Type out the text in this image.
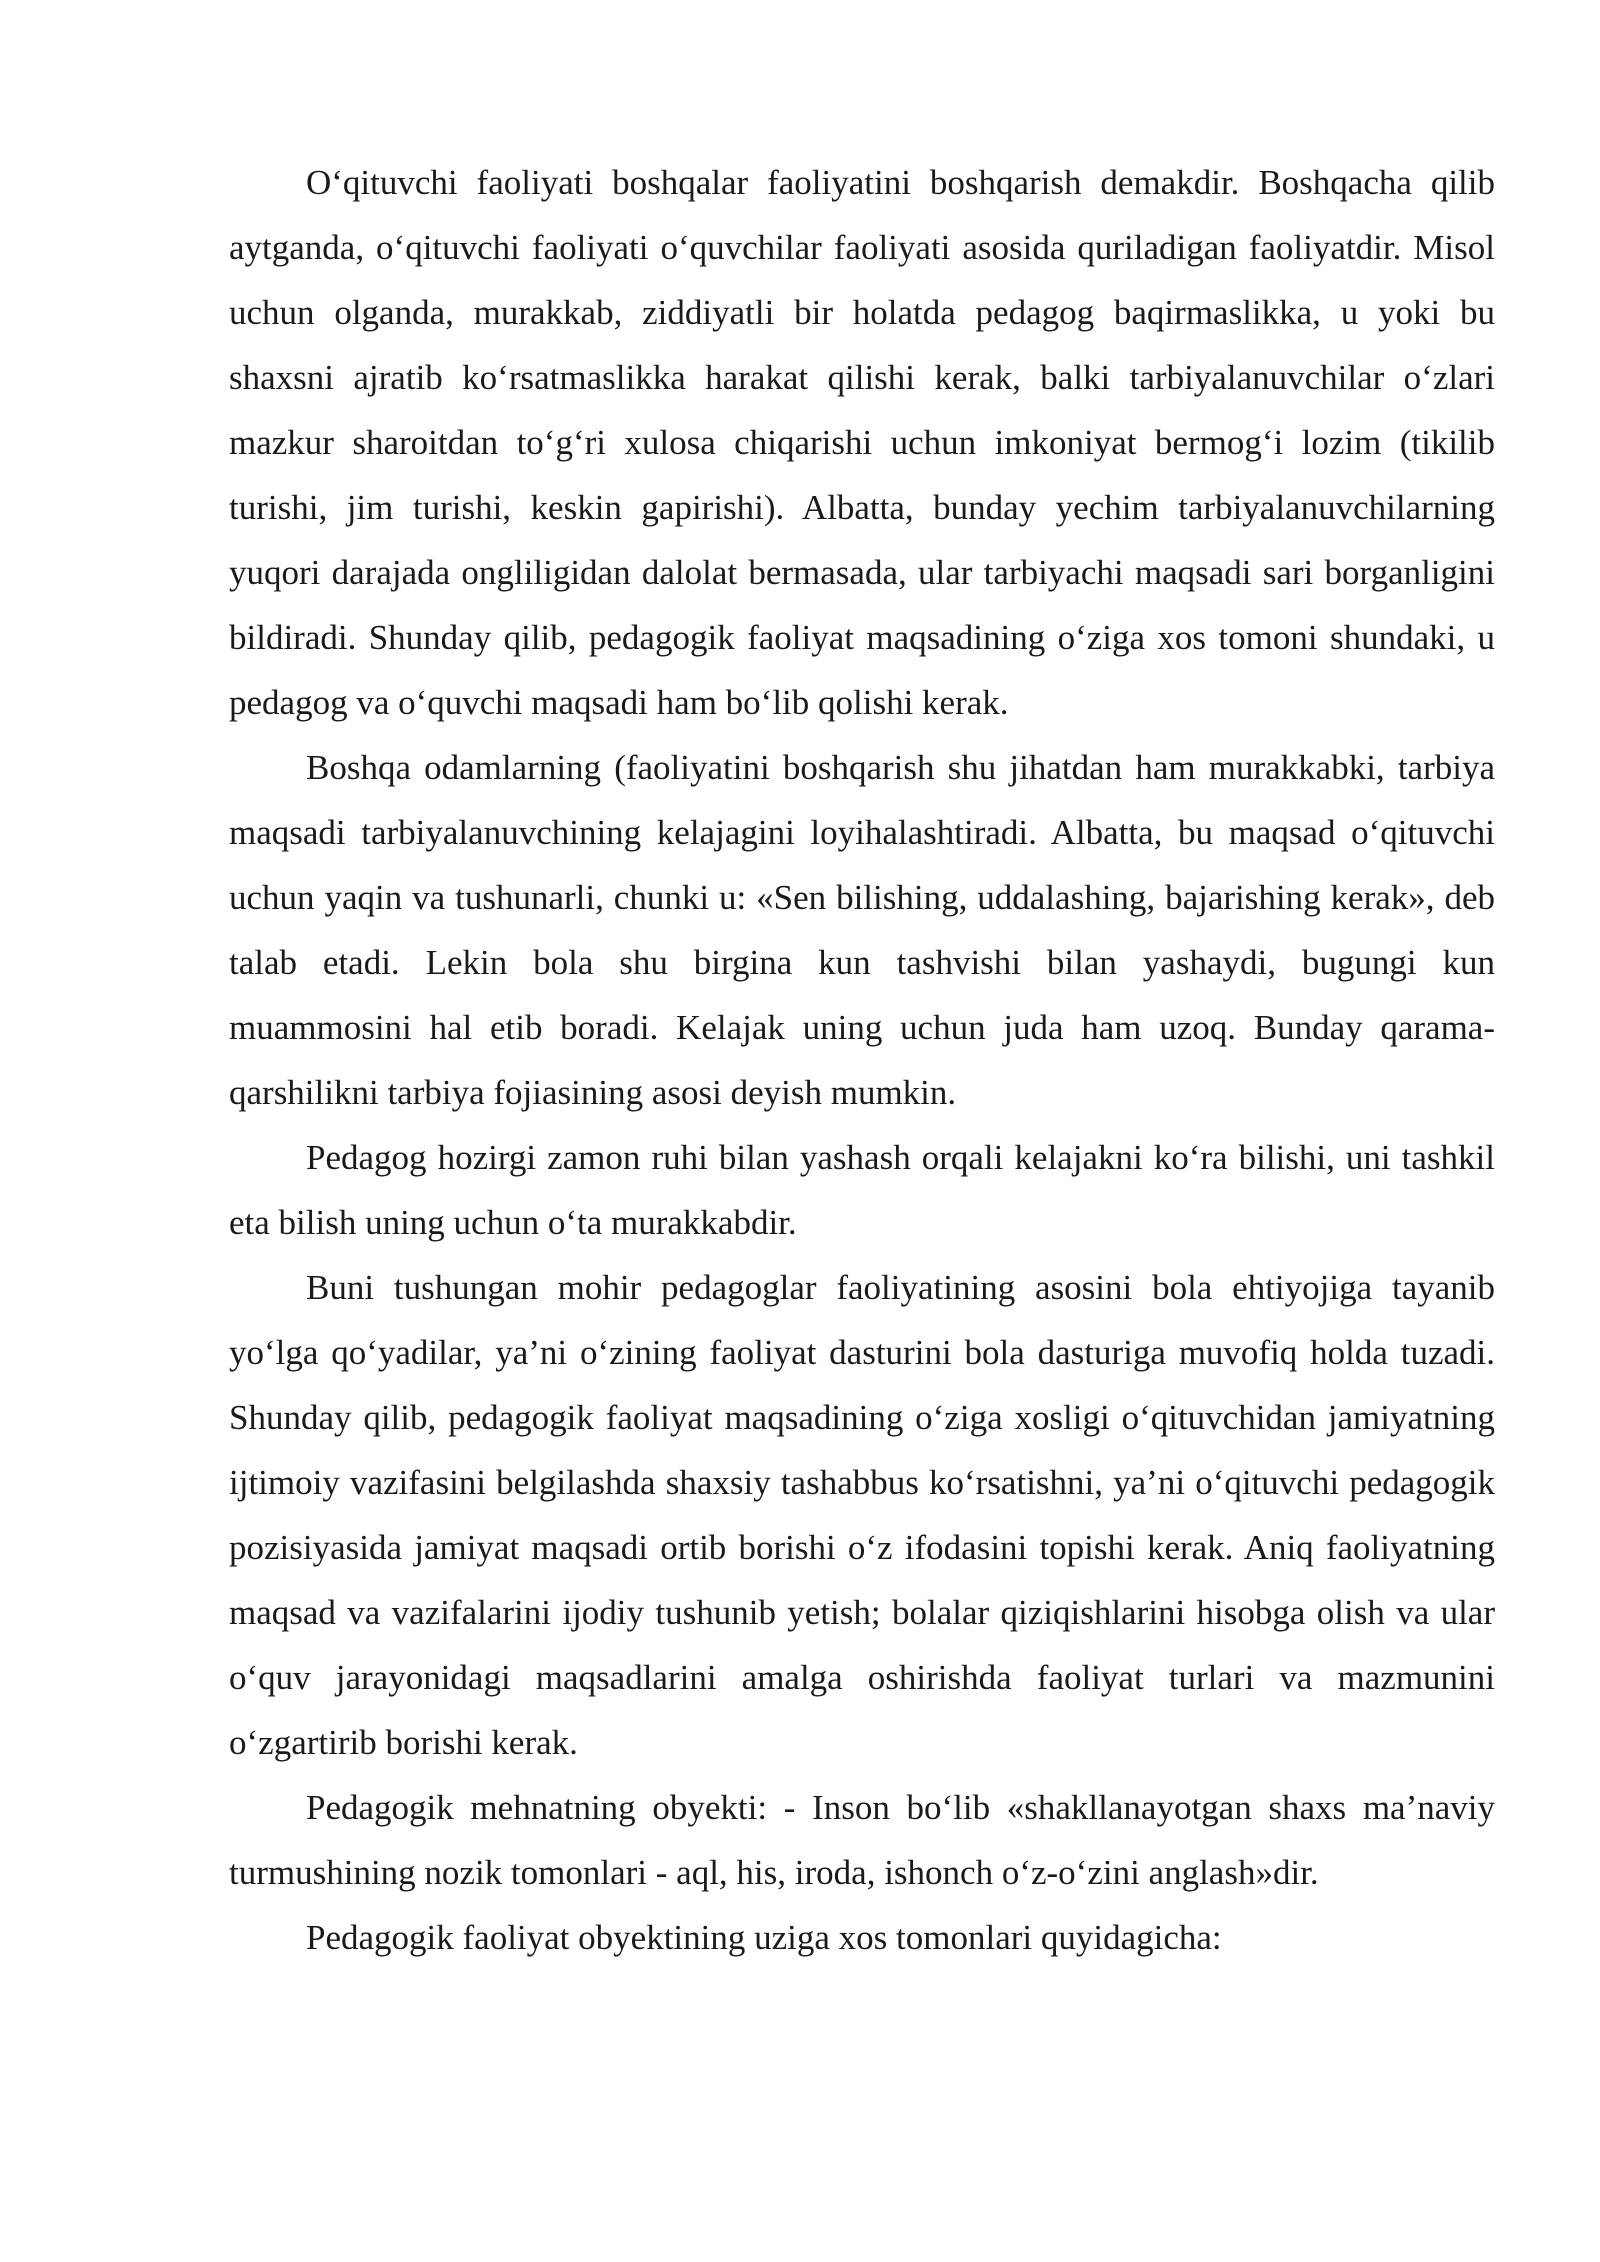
O‘qituvchi faoliyati boshqalar faoliyatini boshqarish demakdir. Boshqacha qilib aytganda, o‘qituvchi faoliyati o‘quvchilar faoliyati asosida quriladigan faoliyatdir. Misol uchun olganda, murakkab, ziddiyatli bir holatda pedagog baqirmaslikka, u yoki bu shaxsni ajratib ko‘rsatmaslikka harakat qilishi kerak, balki tarbiyalanuvchilar o‘zlari mazkur sharoitdan to‘g‘ri xulosa chiqarishi uchun imkoniyat bermog‘i lozim (tikilib turishi, jim turishi, keskin gapirishi). Albatta, bunday yechim tarbiyalanuvchilarning yuqori darajada ongliligidan dalolat bermasada, ular tarbiyachi maqsadi sari borganligini bildiradi. Shunday qilib, pedagogik faoliyat maqsadining o‘ziga xos tomoni shundaki, u pedagog va o‘quvchi maqsadi ham bo‘lib qolishi kerak.

Boshqa odamlarning (faoliyatini boshqarish shu jihatdan ham murakkabki, tarbiya maqsadi tarbiyalanuvchining kelajagini loyihalashtiradi. Albatta, bu maqsad o‘qituvchi uchun yaqin va tushunarli, chunki u: «Sen bilishing, uddalashing, bajarishing kerak», deb talab etadi. Lekin bola shu birgina kun tashvishi bilan yashaydi, bugungi kun muammosini hal etib boradi. Kelajak uning uchun juda ham uzoq. Bunday qarama-qarshilikni tarbiya fojiasining asosi deyish mumkin.

Pedagog hozirgi zamon ruhi bilan yashash orqali kelajakni ko‘ra bilishi, uni tashkil eta bilish uning uchun o‘ta murakkabdir.

Buni tushungan mohir pedagoglar faoliyatining asosini bola ehtiyojiga tayanib yo‘lga qo‘yadilar, ya’ni o‘zining faoliyat dasturini bola dasturiga muvofiq holda tuzadi. Shunday qilib, pedagogik faoliyat maqsadining o‘ziga xosligi o‘qituvchidan jamiyatning ijtimoiy vazifasini belgilashda shaxsiy tashabbus ko‘rsatishni, ya’ni o‘qituvchi pedagogik pozisiyasida jamiyat maqsadi ortib borishi o‘z ifodasini topishi kerak. Aniq faoliyatning maqsad va vazifalarini ijodiy tushunib yetish; bolalar qiziqishlarini hisobga olish va ular o‘quv jarayonidagi maqsadlarini amalga oshirishda faoliyat turlari va mazmunini o‘zgartirib borishi kerak.

Pedagogik mehnatning obyekti: - Inson bo‘lib «shakllanayotgan shaxs ma’naviy turmushining nozik tomonlari - aql, his, iroda, ishonch o‘z-o‘zini anglash»dir.

Pedagogik faoliyat obyektining uziga xos tomonlari quyidagicha:
